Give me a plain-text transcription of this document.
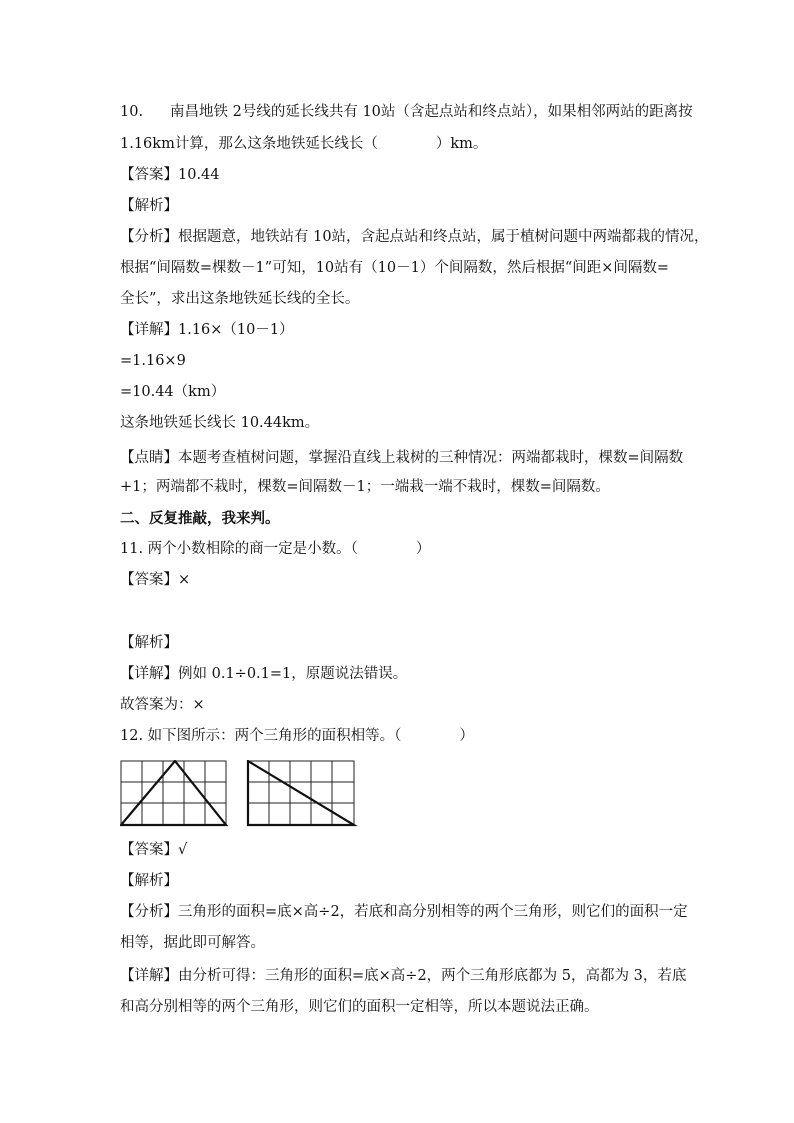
10. 南昌地铁 2号线的延长线共有 10站（含起点站和终点站），如果相邻两站的距离按
1.16km计算，那么这条地铁延长线长（　　　　）km。
【答案】10.44
【解析】
【分析】根据题意，地铁站有 10站，含起点站和终点站，属于植树问题中两端都栽的情况，
根据“间隔数=棵数－1”可知，10站有（10－1）个间隔数，然后根据“间距×间隔数=
全长”，求出这条地铁延长线的全长。
【详解】1.16×（10－1）
=1.16×9
=10.44（km）
这条地铁延长线长 10.44km。
【点睛】本题考查植树问题，掌握沿直线上栽树的三种情况：两端都栽时，棵数=间隔数
+1；两端都不栽时，棵数=间隔数－1；一端栽一端不栽时，棵数=间隔数。
二、反复推敲，我来判。
11. 两个小数相除的商一定是小数。（　　　　）
【答案】×
【解析】
【详解】例如 0.1÷0.1=1，原题说法错误。
故答案为：×
12. 如下图所示：两个三角形的面积相等。（　　　　）
【答案】√
【解析】
【分析】三角形的面积=底×高÷2，若底和高分别相等的两个三角形，则它们的面积一定
相等，据此即可解答。
【详解】由分析可得：三角形的面积=底×高÷2，两个三角形底都为 5，高都为 3，若底
和高分别相等的两个三角形，则它们的面积一定相等，所以本题说法正确。
